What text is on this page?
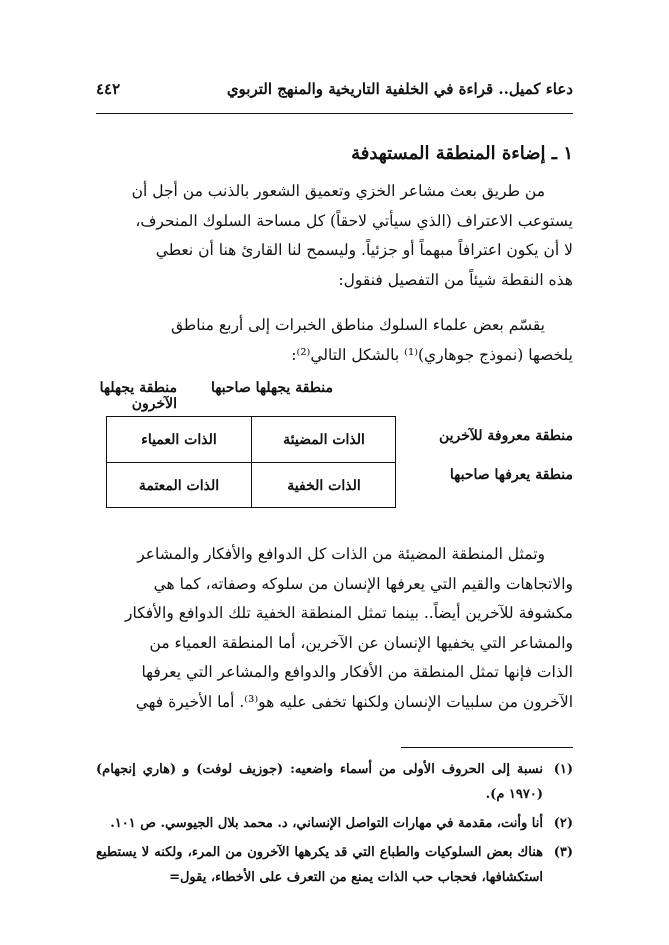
دعاء كميل.. قراءة في الخلفية التاريخية والمنهج التربوي
٤٤٢
١ ـ إضاءة المنطقة المستهدفة

من طريق بعث مشاعر الخزي وتعميق الشعور بالذنب من أجل أن

يستوعب الاعتراف (الذي سيأتي لاحقاً) كل مساحة السلوك المنحرف،
لا أن يكون اعترافاً مبهماً أو جزئياً. وليسمح لنا القارئ هنا أن نعطي
هذه النقطة شيئاً من التفصيل فنقول:

يقسّم بعض علماء السلوك مناطق الخبرات إلى أربع مناطق

يلخصها (نموذج جوهاري)⁽¹⁾ بالشكل التالي⁽²⁾:
منطقة يجهلها صاحبها
منطقة يجهلها الآخرون
الذات المضيئة
الذات العمياء
الذات الخفية
الذات المعتمة
منطقة معروفة للآخرين
منطقة يعرفها صاحبها

وتمثل المنطقة المضيئة من الذات كل الدوافع والأفكار والمشاعر

والاتجاهات والقيم التي يعرفها الإنسان من سلوكه وصفاته، كما هي
مكشوفة للآخرين أيضاً.. بينما تمثل المنطقة الخفية تلك الدوافع والأفكار
والمشاعر التي يخفيها الإنسان عن الآخرين، أما المنطقة العمياء من
الذات فإنها تمثل المنطقة من الأفكار والدوافع والمشاعر التي يعرفها
الآخرون من سلبيات الإنسان ولكنها تخفى عليه هو⁽³⁾. أما الأخيرة فهي
(١)
نسبة إلى الحروف الأولى من أسماء واضعيه: (جوزيف لوفت) و (هاري إنجهام) (١٩٧٠ م).
(٢)
أنا وأنت، مقدمة في مهارات التواصل الإنساني، د. محمد بلال الجيوسي. ص ١٠١.
(٣)
هناك بعض السلوكيات والطباع التي قد يكرهها الآخرون من المرء، ولكنه لا يستطيع استكشافها، فحجاب حب الذات يمنع من التعرف على الأخطاء، يقول=
